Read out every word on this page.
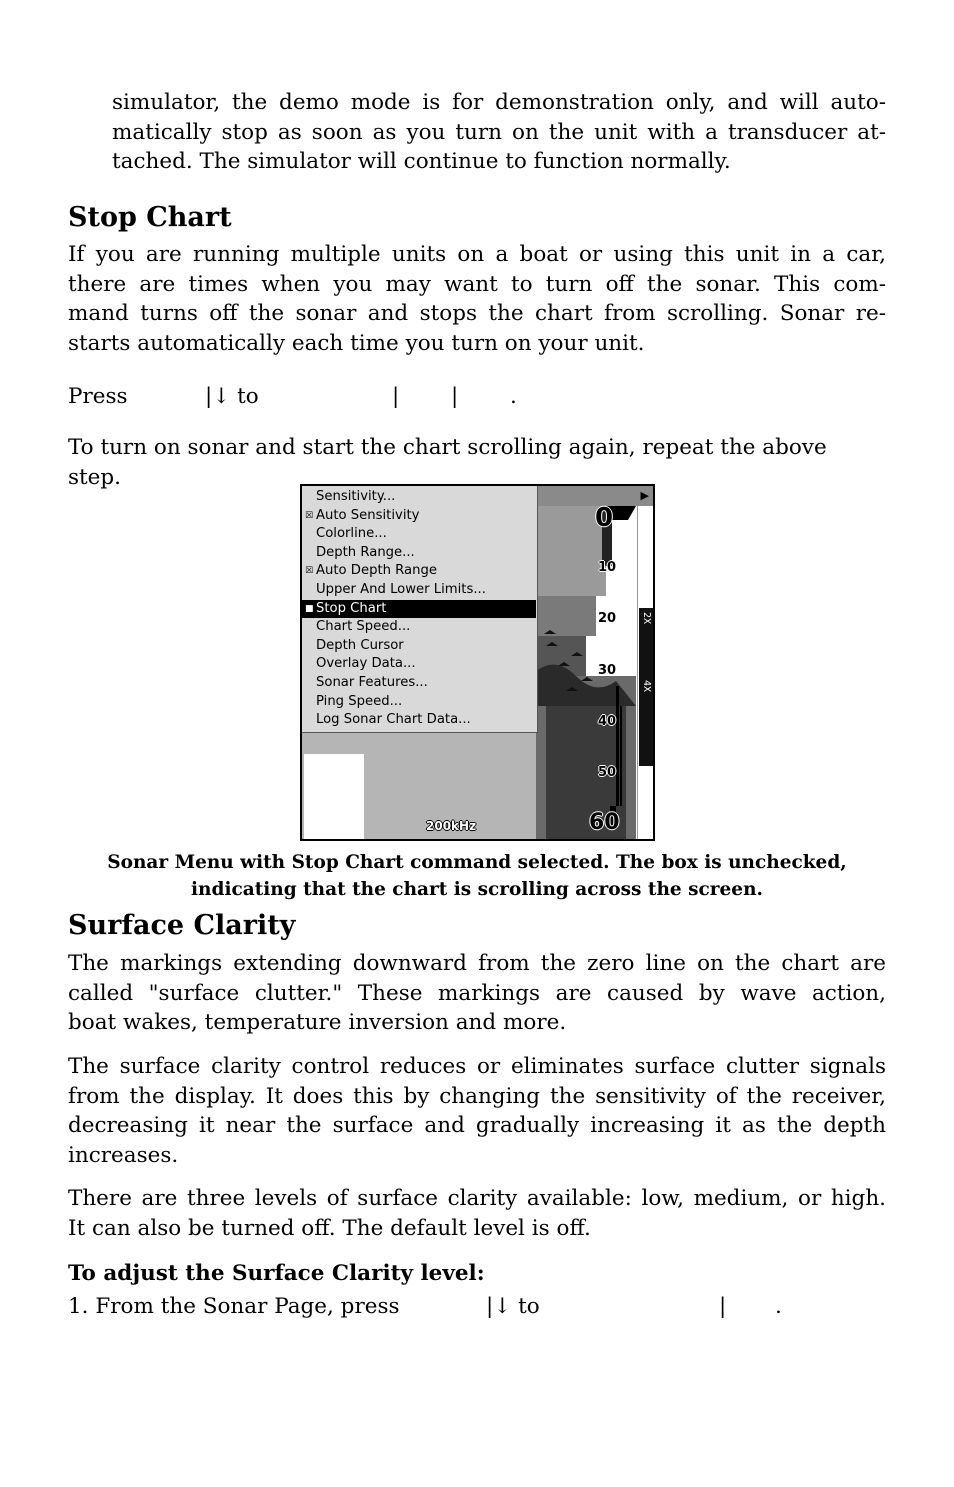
simulator, the demo mode is for demonstration only, and will auto-
matically stop as soon as you turn on the unit with a transducer at-
tached. The simulator will continue to function normally.

Stop Chart

If you are running multiple units on a boat or using this unit in a car,
there are times when you may want to turn off the sonar. This com-
mand turns off the sonar and stops the chart from scrolling. Sonar re-
starts automatically each time you turn on your unit.

Press	|↓ to	| | .

To turn on sonar and start the chart scrolling again, repeat the above step.

▶
2X
4X
0
10
20
30
40
50
60
200kHz
Sensitivity...
☒ Auto Sensitivity
Colorline...
Depth Range...
☒ Auto Depth Range
Upper And Lower Limits...
■ Stop Chart
Chart Speed...
Depth Cursor
Overlay Data...
Sonar Features...
Ping Speed...
Log Sonar Chart Data...

Sonar Menu with Stop Chart command selected. The box is unchecked,
indicating that the chart is scrolling across the screen.

Surface Clarity

The markings extending downward from the zero line on the chart are
called "surface clutter." These markings are caused by wave action,
boat wakes, temperature inversion and more.

The surface clarity control reduces or eliminates surface clutter signals
from the display. It does this by changing the sensitivity of the receiver,
decreasing it near the surface and gradually increasing it as the depth
increases.

There are three levels of surface clarity available: low, medium, or high.
It can also be turned off. The default level is off.

To adjust the Surface Clarity level:
1. From the Sonar Page, press	|↓ to	| .
